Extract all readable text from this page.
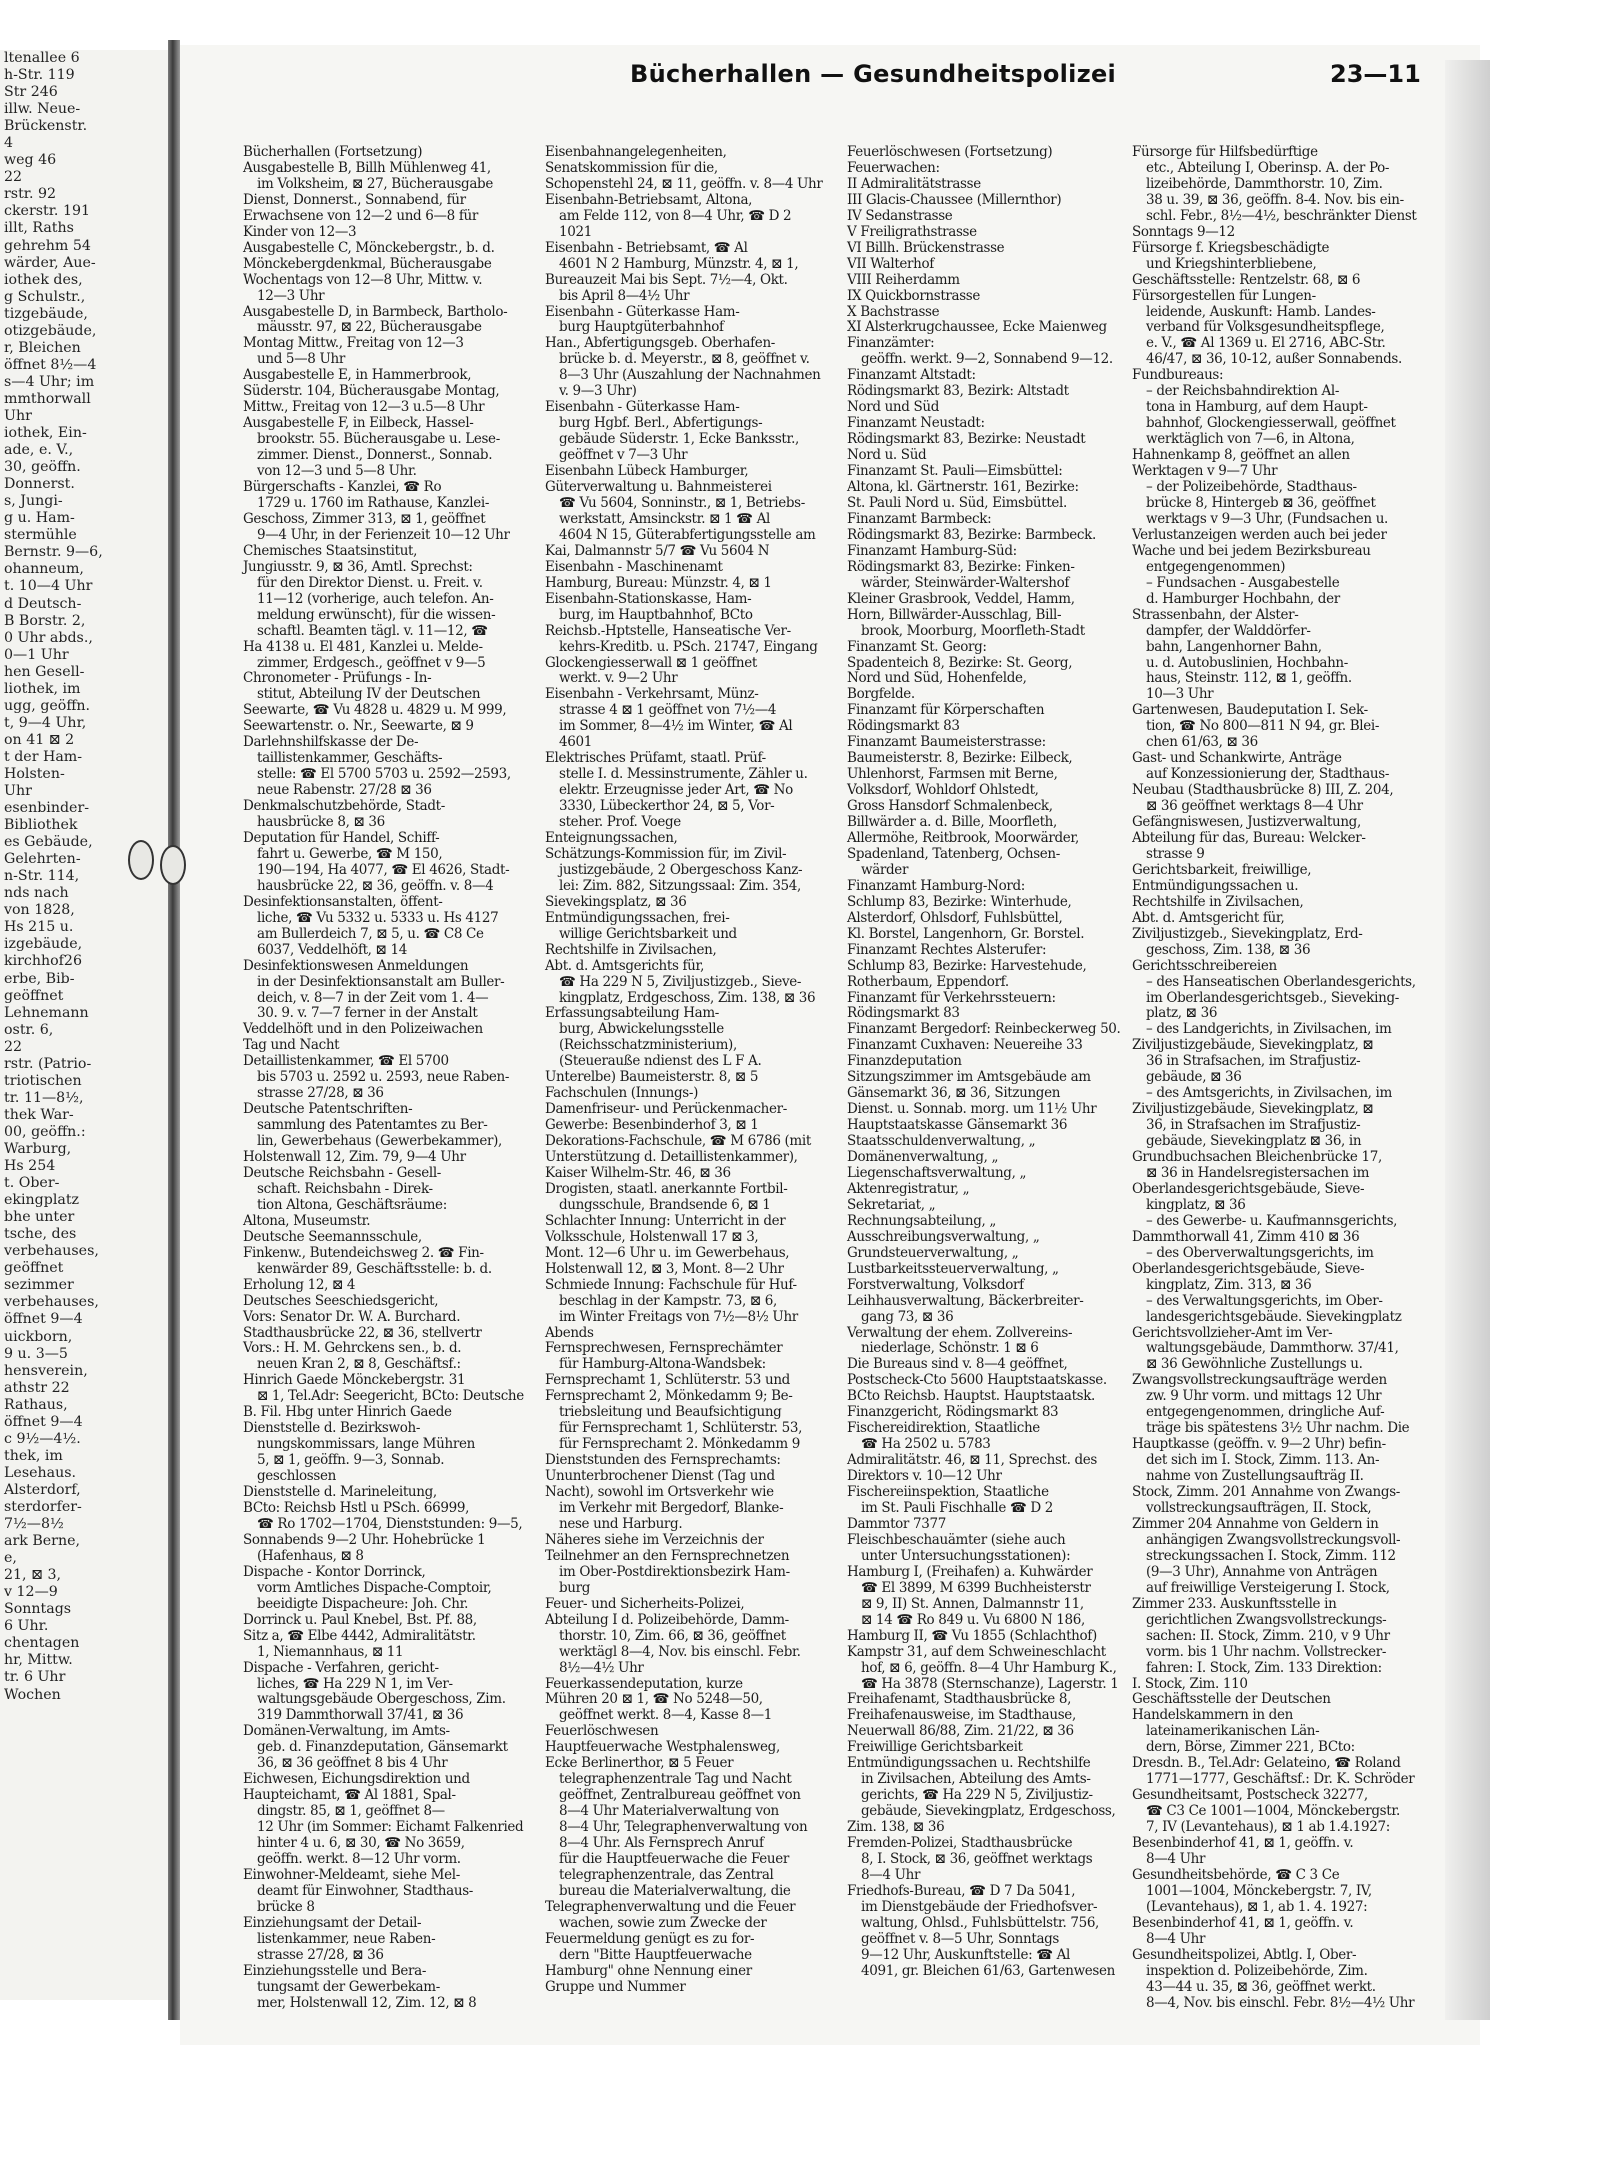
ltenallee 6
h-Str. 119
Str 246
illw. Neue-
Brückenstr.
4
weg 46
22
rstr. 92
ckerstr. 191
illt, Raths
gehrehm 54
wärder, Aue-
iothek des,
g Schulstr.,
tizgebäude,
otizgebäude,
r, Bleichen
öffnet 8½—4
s—4 Uhr; im
mmthorwall
Uhr
iothek, Ein-
ade, e. V.,
30, geöffn.
Donnerst.
s, Jungi-
g u. Ham-
stermühle
Bernstr. 9—6,
ohanneum,
t. 10—4 Uhr
d Deutsch-
B Borstr. 2,
0 Uhr abds.,
0—1 Uhr
hen Gesell-
liothek, im
ugg, geöffn.
t, 9—4 Uhr,
on 41 ⊠ 2
t der Ham-
Holsten-
Uhr
esenbinder-
Bibliothek
es Gebäude,
Gelehrten-
n-Str. 114,
nds nach
von 1828,
Hs 215 u.
izgebäude,
kirchhof26
erbe, Bib-
geöffnet
Lehnemann
ostr. 6,
22
rstr. (Patrio-
triotischen
tr. 11—8½,
thek War-
00, geöffn.:
Warburg,
Hs 254
t. Ober-
ekingplatz
bhe unter
tsche, des
verbehauses,
geöffnet
sezimmer
verbehauses,
öffnet 9—4
uickborn,
9 u. 3—5
hensverein,
athstr 22
Rathaus,
öffnet 9—4
c 9½—4½.
thek, im
Lesehaus.
Alsterdorf,
sterdorfer-
7½—8½
ark Berne,
e,
21, ⊠ 3,
v 12—9
Sonntags
6 Uhr.
chentagen
hr, Mittw.
tr. 6 Uhr
Wochen
Bücherhallen — Gesundheitspolizei	23—11
Bücherhallen (Fortsetzung)
Ausgabestelle B, Billh Mühlenweg 41,
im Volksheim, ⊠ 27, Bücherausgabe
Dienst, Donnerst., Sonnabend, für
Erwachsene von 12—2 und 6—8 für
Kinder von 12—3
Ausgabestelle C, Mönckebergstr., b. d.
Mönckebergdenkmal, Bücherausgabe
Wochentags von 12—8 Uhr, Mittw. v.
12—3 Uhr
Ausgabestelle D, in Barmbeck, Bartholo-
mäusstr. 97, ⊠ 22, Bücherausgabe
Montag Mittw., Freitag von 12—3
und 5—8 Uhr
Ausgabestelle E, in Hammerbrook,
Süderstr. 104, Bücherausgabe Montag,
Mittw., Freitag von 12—3 u.5—8 Uhr
Ausgabestelle F, in Eilbeck, Hassel-
brookstr. 55. Bücherausgabe u. Lese-
zimmer. Dienst., Donnerst., Sonnab.
von 12—3 und 5—8 Uhr.
Bürgerschafts - Kanzlei, ☎ Ro
1729 u. 1760 im Rathause, Kanzlei-
Geschoss, Zimmer 313, ⊠ 1, geöffnet
9—4 Uhr, in der Ferienzeit 10—12 Uhr
Chemisches Staatsinstitut,
Jungiusstr. 9, ⊠ 36, Amtl. Sprechst:
für den Direktor Dienst. u. Freit. v.
11—12 (vorherige, auch telefon. An-
meldung erwünscht), für die wissen-
schaftl. Beamten tägl. v. 11—12, ☎
Ha 4138 u. El 481, Kanzlei u. Melde-
zimmer, Erdgesch., geöffnet v 9—5
Chronometer - Prüfungs - In-
stitut, Abteilung IV der Deutschen
Seewarte, ☎ Vu 4828 u. 4829 u. M 999,
Seewartenstr. o. Nr., Seewarte, ⊠ 9
Darlehnshilfskasse der De-
taillistenkammer, Geschäfts-
stelle: ☎ El 5700 5703 u. 2592—2593,
neue Rabenstr. 27/28 ⊠ 36
Denkmalschutzbehörde, Stadt-
hausbrücke 8, ⊠ 36
Deputation für Handel, Schiff-
fahrt u. Gewerbe, ☎ M 150,
190—194, Ha 4077, ☎ El 4626, Stadt-
hausbrücke 22, ⊠ 36, geöffn. v. 8—4
Desinfektionsanstalten, öffent-
liche, ☎ Vu 5332 u. 5333 u. Hs 4127
am Bullerdeich 7, ⊠ 5, u. ☎ C8 Ce
6037, Veddelhöft, ⊠ 14
Desinfektionswesen Anmeldungen
in der Desinfektionsanstalt am Buller-
deich, v. 8—7 in der Zeit vom 1. 4—
30. 9. v. 7—7 ferner in der Anstalt
Veddelhöft und in den Polizeiwachen
Tag und Nacht
Detaillistenkammer, ☎ El 5700
bis 5703 u. 2592 u. 2593, neue Raben-
strasse 27/28, ⊠ 36
Deutsche Patentschriften-
sammlung des Patentamtes zu Ber-
lin, Gewerbehaus (Gewerbekammer),
Holstenwall 12, Zim. 79, 9—4 Uhr
Deutsche Reichsbahn - Gesell-
schaft. Reichsbahn - Direk-
tion Altona, Geschäftsräume:
Altona, Museumstr.
Deutsche Seemannsschule,
Finkenw., Butendeichsweg 2. ☎ Fin-
kenwärder 89, Geschäftsstelle: b. d.
Erholung 12, ⊠ 4
Deutsches Seeschiedsgericht,
Vors: Senator Dr. W. A. Burchard.
Stadthausbrücke 22, ⊠ 36, stellvertr
Vors.: H. M. Gehrckens sen., b. d.
neuen Kran 2, ⊠ 8, Geschäftsf.:
Hinrich Gaede Mönckebergstr. 31
⊠ 1, Tel.Adr: Seegericht, BCto: Deutsche
B. Fil. Hbg unter Hinrich Gaede
Dienststelle d. Bezirkswoh-
nungskommissars, lange Mühren
5, ⊠ 1, geöffn. 9—3, Sonnab.
geschlossen
Dienststelle d. Marineleitung,
BCto: Reichsb Hstl u PSch. 66999,
☎ Ro 1702—1704, Dienststunden: 9—5,
Sonnabends 9—2 Uhr. Hohebrücke 1
(Hafenhaus, ⊠ 8
Dispache - Kontor Dorrinck,
vorm Amtliches Dispache-Comptoir,
beeidigte Dispacheure: Joh. Chr.
Dorrinck u. Paul Knebel, Bst. Pf. 88,
Sitz a, ☎ Elbe 4442, Admiralitätstr.
1, Niemannhaus, ⊠ 11
Dispache - Verfahren, gericht-
liches, ☎ Ha 229 N 1, im Ver-
waltungsgebäude Obergeschoss, Zim.
319 Dammthorwall 37/41, ⊠ 36
Domänen-Verwaltung, im Amts-
geb. d. Finanzdeputation, Gänsemarkt
36, ⊠ 36 geöffnet 8 bis 4 Uhr
Eichwesen, Eichungsdirektion und
Haupteichamt, ☎ Al 1881, Spal-
dingstr. 85, ⊠ 1, geöffnet 8—
12 Uhr (im Sommer: Eichamt Falkenried
hinter 4 u. 6, ⊠ 30, ☎ No 3659,
geöffn. werkt. 8—12 Uhr vorm.
Einwohner-Meldeamt, siehe Mel-
deamt für Einwohner, Stadthaus-
brücke 8
Einziehungsamt der Detail-
listenkammer, neue Raben-
strasse 27/28, ⊠ 36
Einziehungsstelle und Bera-
tungsamt der Gewerbekam-
mer, Holstenwall 12, Zim. 12, ⊠ 8
Eisenbahnangelegenheiten,
Senatskommission für die,
Schopenstehl 24, ⊠ 11, geöffn. v. 8—4 Uhr
Eisenbahn-Betriebsamt, Altona,
am Felde 112, von 8—4 Uhr, ☎ D 2
1021
Eisenbahn - Betriebsamt, ☎ Al
4601 N 2 Hamburg, Münzstr. 4, ⊠ 1,
Bureauzeit Mai bis Sept. 7½—4, Okt.
bis April 8—4½ Uhr
Eisenbahn - Güterkasse Ham-
burg Hauptgüterbahnhof
Han., Abfertigungsgeb. Oberhafen-
brücke b. d. Meyerstr., ⊠ 8, geöffnet v.
8—3 Uhr (Auszahlung der Nachnahmen
v. 9—3 Uhr)
Eisenbahn - Güterkasse Ham-
burg Hgbf. Berl., Abfertigungs-
gebäude Süderstr. 1, Ecke Banksstr.,
geöffnet v 7—3 Uhr
Eisenbahn Lübeck Hamburger,
Güterverwaltung u. Bahnmeisterei
☎ Vu 5604, Sonninstr., ⊠ 1, Betriebs-
werkstatt, Amsinckstr. ⊠ 1 ☎ Al
4604 N 15, Güterabfertigungsstelle am
Kai, Dalmannstr 5/7 ☎ Vu 5604 N
Eisenbahn - Maschinenamt
Hamburg, Bureau: Münzstr. 4, ⊠ 1
Eisenbahn-Stationskasse, Ham-
burg, im Hauptbahnhof, BCto
Reichsb.-Hptstelle, Hanseatische Ver-
kehrs-Kreditb. u. PSch. 21747, Eingang
Glockengiesserwall ⊠ 1 geöffnet
werkt. v. 9—2 Uhr
Eisenbahn - Verkehrsamt, Münz-
strasse 4 ⊠ 1 geöffnet von 7½—4
im Sommer, 8—4½ im Winter, ☎ Al
4601
Elektrisches Prüfamt, staatl. Prüf-
stelle I. d. Messinstrumente, Zähler u.
elektr. Erzeugnisse jeder Art, ☎ No
3330, Lübeckerthor 24, ⊠ 5, Vor-
steher. Prof. Voege
Enteignungssachen,
Schätzungs-Kommission für, im Zivil-
justizgebäude, 2 Obergeschoss Kanz-
lei: Zim. 882, Sitzungssaal: Zim. 354,
Sievekingsplatz, ⊠ 36
Entmündigungssachen, frei-
willige Gerichtsbarkeit und
Rechtshilfe in Zivilsachen,
Abt. d. Amtsgerichts für,
☎ Ha 229 N 5, Ziviljustizgeb., Sieve-
kingplatz, Erdgeschoss, Zim. 138, ⊠ 36
Erfassungsabteilung Ham-
burg, Abwickelungsstelle
(Reichsschatzministerium),
(Steuerauße ndienst des L F A.
Unterelbe) Baumeisterstr. 8, ⊠ 5
Fachschulen (Innungs-)
Damenfriseur- und Perückenmacher-
Gewerbe: Besenbinderhof 3, ⊠ 1
Dekorations-Fachschule, ☎ M 6786 (mit
Unterstützung d. Detaillistenkammer),
Kaiser Wilhelm-Str. 46, ⊠ 36
Drogisten, staatl. anerkannte Fortbil-
dungsschule, Brandsende 6, ⊠ 1
Schlachter Innung: Unterricht in der
Volksschule, Holstenwall 17 ⊠ 3,
Mont. 12—6 Uhr u. im Gewerbehaus,
Holstenwall 12, ⊠ 3, Mont. 8—2 Uhr
Schmiede Innung: Fachschule für Huf-
beschlag in der Kampstr. 73, ⊠ 6,
im Winter Freitags von 7½—8½ Uhr
Abends
Fernsprechwesen, Fernsprechämter
für Hamburg-Altona-Wandsbek:
Fernsprechamt 1, Schlüterstr. 53 und
Fernsprechamt 2, Mönkedamm 9; Be-
triebsleitung und Beaufsichtigung
für Fernsprechamt 1, Schlüterstr. 53,
für Fernsprechamt 2. Mönkedamm 9
Dienststunden des Fernsprechamts:
Ununterbrochener Dienst (Tag und
Nacht), sowohl im Ortsverkehr wie
im Verkehr mit Bergedorf, Blanke-
nese und Harburg.
Näheres siehe im Verzeichnis der
Teilnehmer an den Fernsprechnetzen
im Ober-Postdirektionsbezirk Ham-
burg
Feuer- und Sicherheits-Polizei,
Abteilung I d. Polizeibehörde, Damm-
thorstr. 10, Zim. 66, ⊠ 36, geöffnet
werktägl 8—4, Nov. bis einschl. Febr.
8½—4½ Uhr
Feuerkassendeputation, kurze
Mühren 20 ⊠ 1, ☎ No 5248—50,
geöffnet werkt. 8—4, Kasse 8—1
Feuerlöschwesen
Hauptfeuerwache Westphalensweg,
Ecke Berlinerthor, ⊠ 5 Feuer
telegraphenzentrale Tag und Nacht
geöffnet, Zentralbureau geöffnet von
8—4 Uhr Materialverwaltung von
8—4 Uhr, Telegraphenverwaltung von
8—4 Uhr. Als Fernsprech Anruf
für die Hauptfeuerwache die Feuer
telegraphenzentrale, das Zentral
bureau die Materialverwaltung, die
Telegraphenverwaltung und die Feuer
wachen, sowie zum Zwecke der
Feuermeldung genügt es zu for-
dern "Bitte Hauptfeuerwache
Hamburg" ohne Nennung einer
Gruppe und Nummer
Feuerlöschwesen (Fortsetzung)
Feuerwachen:
II Admiralitätstrasse
III Glacis-Chaussee (Millernthor)
IV Sedanstrasse
V Freiligrathstrasse
VI Billh. Brückenstrasse
VII Walterhof
VIII Reiherdamm
IX Quickbornstrasse
X Bachstrasse
XI Alsterkrugchaussee, Ecke Maienweg
Finanzämter:
geöffn. werkt. 9—2, Sonnabend 9—12.
Finanzamt Altstadt:
Rödingsmarkt 83, Bezirk: Altstadt
Nord und Süd
Finanzamt Neustadt:
Rödingsmarkt 83, Bezirke: Neustadt
Nord u. Süd
Finanzamt St. Pauli—Eimsbüttel:
Altona, kl. Gärtnerstr. 161, Bezirke:
St. Pauli Nord u. Süd, Eimsbüttel.
Finanzamt Barmbeck:
Rödingsmarkt 83, Bezirke: Barmbeck.
Finanzamt Hamburg-Süd:
Rödingsmarkt 83, Bezirke: Finken-
wärder, Steinwärder-Waltershof
Kleiner Grasbrook, Veddel, Hamm,
Horn, Billwärder-Ausschlag, Bill-
brook, Moorburg, Moorfleth-Stadt
Finanzamt St. Georg:
Spadenteich 8, Bezirke: St. Georg,
Nord und Süd, Hohenfelde,
Borgfelde.
Finanzamt für Körperschaften
Rödingsmarkt 83
Finanzamt Baumeisterstrasse:
Baumeisterstr. 8, Bezirke: Eilbeck,
Uhlenhorst, Farmsen mit Berne,
Volksdorf, Wohldorf Ohlstedt,
Gross Hansdorf Schmalenbeck,
Billwärder a. d. Bille, Moorfleth,
Allermöhe, Reitbrook, Moorwärder,
Spadenland, Tatenberg, Ochsen-
wärder
Finanzamt Hamburg-Nord:
Schlump 83, Bezirke: Winterhude,
Alsterdorf, Ohlsdorf, Fuhlsbüttel,
Kl. Borstel, Langenhorn, Gr. Borstel.
Finanzamt Rechtes Alsterufer:
Schlump 83, Bezirke: Harvestehude,
Rotherbaum, Eppendorf.
Finanzamt für Verkehrssteuern:
Rödingsmarkt 83
Finanzamt Bergedorf: Reinbeckerweg 50.
Finanzamt Cuxhaven: Neuereihe 33
Finanzdeputation
Sitzungszimmer im Amtsgebäude am
Gänsemarkt 36, ⊠ 36, Sitzungen
Dienst. u. Sonnab. morg. um 11½ Uhr
Hauptstaatskasse Gänsemarkt 36
Staatsschuldenverwaltung, „
Domänenverwaltung, „
Liegenschaftsverwaltung, „
Aktenregistratur, „
Sekretariat, „
Rechnungsabteilung, „
Ausschreibungsverwaltung, „
Grundsteuerverwaltung, „
Lustbarkeitssteuerverwaltung, „
Forstverwaltung, Volksdorf
Leihhausverwaltung, Bäckerbreiter-
gang 73, ⊠ 36
Verwaltung der ehem. Zollvereins-
niederlage, Schönstr. 1 ⊠ 6
Die Bureaus sind v. 8—4 geöffnet,
Postscheck-Cto 5600 Hauptstaatskasse.
BCto Reichsb. Hauptst. Hauptstaatsk.
Finanzgericht, Rödingsmarkt 83
Fischereidirektion, Staatliche
☎ Ha 2502 u. 5783
Admiralitätstr. 46, ⊠ 11, Sprechst. des
Direktors v. 10—12 Uhr
Fischereiinspektion, Staatliche
im St. Pauli Fischhalle ☎ D 2
Dammtor 7377
Fleischbeschauämter (siehe auch
unter Untersuchungsstationen):
Hamburg I, (Freihafen) a. Kuhwärder
☎ El 3899, M 6399 Buchheisterstr
⊠ 9, II) St. Annen, Dalmannstr 11,
⊠ 14 ☎ Ro 849 u. Vu 6800 N 186,
Hamburg II, ☎ Vu 1855 (Schlachthof)
Kampstr 31, auf dem Schweineschlacht
hof, ⊠ 6, geöffn. 8—4 Uhr Hamburg K.,
☎ Ha 3878 (Sternschanze), Lagerstr. 1
Freihafenamt, Stadthausbrücke 8,
Freihafenausweise, im Stadthause,
Neuerwall 86/88, Zim. 21/22, ⊠ 36
Freiwillige Gerichtsbarkeit
Entmündigungssachen u. Rechtshilfe
in Zivilsachen, Abteilung des Amts-
gerichts, ☎ Ha 229 N 5, Ziviljustiz-
gebäude, Sievekingplatz, Erdgeschoss,
Zim. 138, ⊠ 36
Fremden-Polizei, Stadthausbrücke
8, I. Stock, ⊠ 36, geöffnet werktags
8—4 Uhr
Friedhofs-Bureau, ☎ D 7 Da 5041,
im Dienstgebäude der Friedhofsver-
waltung, Ohlsd., Fuhlsbüttelstr. 756,
geöffnet v. 8—5 Uhr, Sonntags
9—12 Uhr, Auskunftstelle: ☎ Al
4091, gr. Bleichen 61/63, Gartenwesen
Fürsorge für Hilfsbedürftige
etc., Abteilung I, Oberinsp. A. der Po-
lizeibehörde, Dammthorstr. 10, Zim.
38 u. 39, ⊠ 36, geöffn. 8-4. Nov. bis ein-
schl. Febr., 8½—4½, beschränkter Dienst
Sonntags 9—12
Fürsorge f. Kriegsbeschädigte
und Kriegshinterbliebene,
Geschäftsstelle: Rentzelstr. 68, ⊠ 6
Fürsorgestellen für Lungen-
leidende, Auskunft: Hamb. Landes-
verband für Volksgesundheitspflege,
e. V., ☎ Al 1369 u. El 2716, ABC-Str.
46/47, ⊠ 36, 10-12, außer Sonnabends.
Fundbureaus:
– der Reichsbahndirektion Al-
tona in Hamburg, auf dem Haupt-
bahnhof, Glockengiesserwall, geöffnet
werktäglich von 7—6, in Altona,
Hahnenkamp 8, geöffnet an allen
Werktagen v 9—7 Uhr
– der Polizeibehörde, Stadthaus-
brücke 8, Hintergeb ⊠ 36, geöffnet
werktags v 9—3 Uhr, (Fundsachen u.
Verlustanzeigen werden auch bei jeder
Wache und bei jedem Bezirksbureau
entgegengenommen)
– Fundsachen - Ausgabestelle
d. Hamburger Hochbahn, der
Strassenbahn, der Alster-
dampfer, der Walddörfer-
bahn, Langenhorner Bahn,
u. d. Autobuslinien, Hochbahn-
haus, Steinstr. 112, ⊠ 1, geöffn.
10—3 Uhr
Gartenwesen, Baudeputation I. Sek-
tion, ☎ No 800—811 N 94, gr. Blei-
chen 61/63, ⊠ 36
Gast- und Schankwirte, Anträge
auf Konzessionierung der, Stadthaus-
Neubau (Stadthausbrücke 8) III, Z. 204,
⊠ 36 geöffnet werktags 8—4 Uhr
Gefängniswesen, Justizverwaltung,
Abteilung für das, Bureau: Welcker-
strasse 9
Gerichtsbarkeit, freiwillige,
Entmündigungssachen u.
Rechtshilfe in Zivilsachen,
Abt. d. Amtsgericht für,
Ziviljustizgeb., Sievekingplatz, Erd-
geschoss, Zim. 138, ⊠ 36
Gerichtsschreibereien
– des Hanseatischen Oberlandesgerichts,
im Oberlandesgerichtsgeb., Sieveking-
platz, ⊠ 36
– des Landgerichts, in Zivilsachen, im
Ziviljustizgebäude, Sievekingplatz, ⊠
36 in Strafsachen, im Strafjustiz-
gebäude, ⊠ 36
– des Amtsgerichts, in Zivilsachen, im
Ziviljustizgebäude, Sievekingplatz, ⊠
36, in Strafsachen im Strafjustiz-
gebäude, Sievekingplatz ⊠ 36, in
Grundbuchsachen Bleichenbrücke 17,
⊠ 36 in Handelsregistersachen im
Oberlandesgerichtsgebäude, Sieve-
kingplatz, ⊠ 36
– des Gewerbe- u. Kaufmannsgerichts,
Dammthorwall 41, Zimm 410 ⊠ 36
– des Oberverwaltungsgerichts, im
Oberlandesgerichtsgebäude, Sieve-
kingplatz, Zim. 313, ⊠ 36
– des Verwaltungsgerichts, im Ober-
landesgerichtsgebäude. Sievekingplatz
Gerichtsvollzieher-Amt im Ver-
waltungsgebäude, Dammthorw. 37/41,
⊠ 36 Gewöhnliche Zustellungs u.
Zwangsvollstreckungsaufträge werden
zw. 9 Uhr vorm. und mittags 12 Uhr
entgegengenommen, dringliche Auf-
träge bis spätestens 3½ Uhr nachm. Die
Hauptkasse (geöffn. v. 9—2 Uhr) befin-
det sich im I. Stock, Zimm. 113. An-
nahme von Zustellungsaufträg II.
Stock, Zimm. 201 Annahme von Zwangs-
vollstreckungsaufträgen, II. Stock,
Zimmer 204 Annahme von Geldern in
anhängigen Zwangsvollstreckungsvoll-
streckungssachen I. Stock, Zimm. 112
(9—3 Uhr), Annahme von Anträgen
auf freiwillige Versteigerung I. Stock,
Zimmer 233. Auskunftsstelle in
gerichtlichen Zwangsvollstreckungs-
sachen: II. Stock, Zimm. 210, v 9 Uhr
vorm. bis 1 Uhr nachm. Vollstrecker-
fahren: I. Stock, Zim. 133 Direktion:
I. Stock, Zim. 110
Geschäftsstelle der Deutschen
Handelskammern in den
lateinamerikanischen Län-
dern, Börse, Zimmer 221, BCto:
Dresdn. B., Tel.Adr: Gelateino, ☎ Roland
1771—1777, Geschäftsf.: Dr. K. Schröder
Gesundheitsamt, Postscheck 32277,
☎ C3 Ce 1001—1004, Mönckebergstr.
7, IV (Levantehaus), ⊠ 1 ab 1.4.1927:
Besenbinderhof 41, ⊠ 1, geöffn. v.
8—4 Uhr
Gesundheitsbehörde, ☎ C 3 Ce
1001—1004, Mönckebergstr. 7, IV,
(Levantehaus), ⊠ 1, ab 1. 4. 1927:
Besenbinderhof 41, ⊠ 1, geöffn. v.
8—4 Uhr
Gesundheitspolizei, Abtlg. I, Ober-
inspektion d. Polizeibehörde, Zim.
43—44 u. 35, ⊠ 36, geöffnet werkt.
8—4, Nov. bis einschl. Febr. 8½—4½ Uhr
